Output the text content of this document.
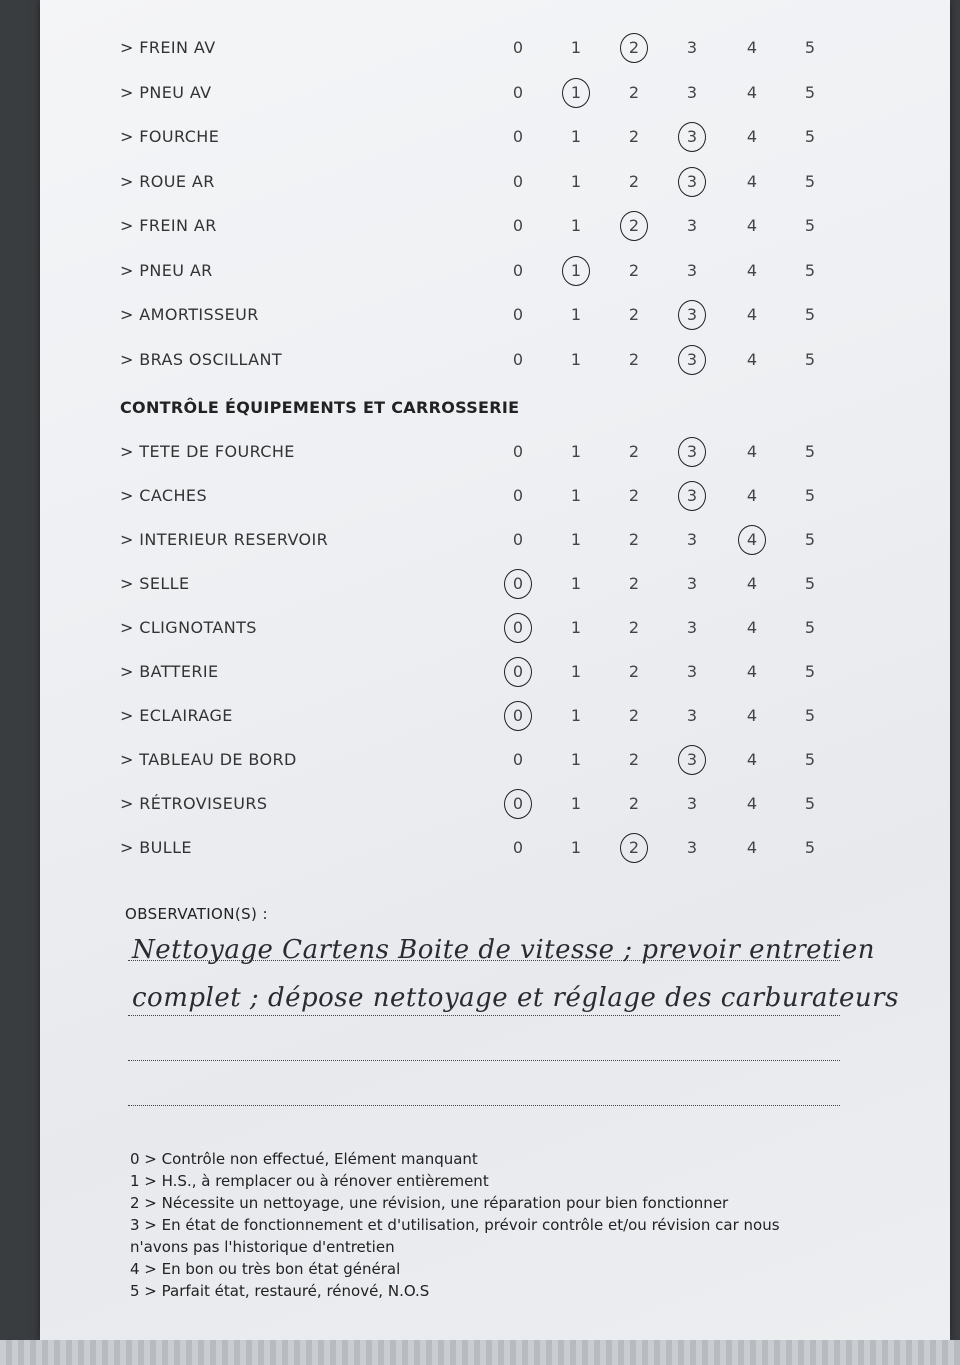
> FREIN AV	0	1	2	3	4	5
> PNEU AV	0	1	2	3	4	5
> FOURCHE	0	1	2	3	4	5
> ROUE AR	0	1	2	3	4	5
> FREIN AR	0	1	2	3	4	5
> PNEU AR	0	1	2	3	4	5
> AMORTISSEUR	0	1	2	3	4	5
> BRAS OSCILLANT	0	1	2	3	4	5
CONTRÔLE ÉQUIPEMENTS ET CARROSSERIE
> TETE DE FOURCHE	0	1	2	3	4	5
> CACHES	0	1	2	3	4	5
> INTERIEUR RESERVOIR	0	1	2	3	4	5
> SELLE	0	1	2	3	4	5
> CLIGNOTANTS	0	1	2	3	4	5
> BATTERIE	0	1	2	3	4	5
> ECLAIRAGE	0	1	2	3	4	5
> TABLEAU DE BORD	0	1	2	3	4	5
> RÉTROVISEURS	0	1	2	3	4	5
> BULLE	0	1	2	3	4	5
OBSERVATION(S) :
Nettoyage Cartens Boite de vitesse ; prevoir entretien
complet ; dépose nettoyage et réglage des carburateurs
0 > Contrôle non effectué, Elément manquant
1 > H.S., à remplacer ou à rénover entièrement
2 > Nécessite un nettoyage, une révision, une réparation pour bien fonctionner
3 > En état de fonctionnement et d'utilisation, prévoir contrôle et/ou révision car nous
n'avons pas l'historique d'entretien
4 > En bon ou très bon état général
5 > Parfait état, restauré, rénové, N.O.S
